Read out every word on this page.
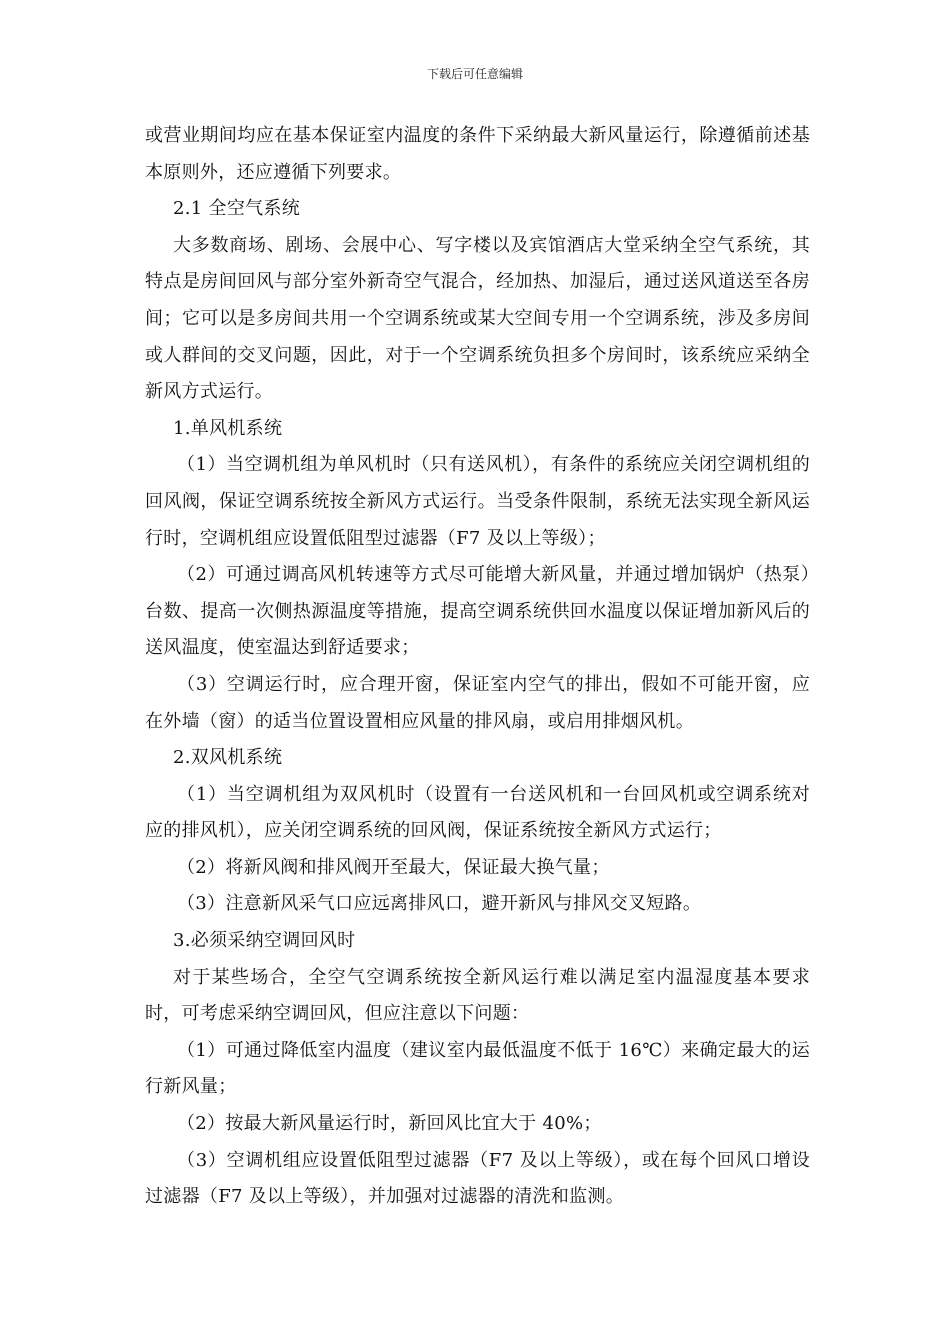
下载后可任意编辑

或营业期间均应在基本保证室内温度的条件下采纳最大新风量运行，除遵循前述基本原则外，还应遵循下列要求。

2.1 全空气系统

大多数商场、剧场、会展中心、写字楼以及宾馆酒店大堂采纳全空气系统，其特点是房间回风与部分室外新奇空气混合，经加热、加湿后，通过送风道送至各房间；它可以是多房间共用一个空调系统或某大空间专用一个空调系统，涉及多房间或人群间的交叉问题，因此，对于一个空调系统负担多个房间时，该系统应采纳全新风方式运行。

1.单风机系统

（1）当空调机组为单风机时（只有送风机），有条件的系统应关闭空调机组的回风阀，保证空调系统按全新风方式运行。当受条件限制，系统无法实现全新风运行时，空调机组应设置低阻型过滤器（F7 及以上等级）；

（2）可通过调高风机转速等方式尽可能增大新风量，并通过增加锅炉（热泵）台数、提高一次侧热源温度等措施，提高空调系统供回水温度以保证增加新风后的送风温度，使室温达到舒适要求；

（3）空调运行时，应合理开窗，保证室内空气的排出，假如不可能开窗，应在外墙（窗）的适当位置设置相应风量的排风扇，或启用排烟风机。

2.双风机系统

（1）当空调机组为双风机时（设置有一台送风机和一台回风机或空调系统对应的排风机），应关闭空调系统的回风阀，保证系统按全新风方式运行；

（2）将新风阀和排风阀开至最大，保证最大换气量；

（3）注意新风采气口应远离排风口，避开新风与排风交叉短路。

3.必须采纳空调回风时

对于某些场合，全空气空调系统按全新风运行难以满足室内温湿度基本要求时，可考虑采纳空调回风，但应注意以下问题：

（1）可通过降低室内温度（建议室内最低温度不低于 16℃）来确定最大的运行新风量；

（2）按最大新风量运行时，新回风比宜大于 40%；

（3）空调机组应设置低阻型过滤器（F7 及以上等级），或在每个回风口增设过滤器（F7 及以上等级），并加强对过滤器的清洗和监测。
